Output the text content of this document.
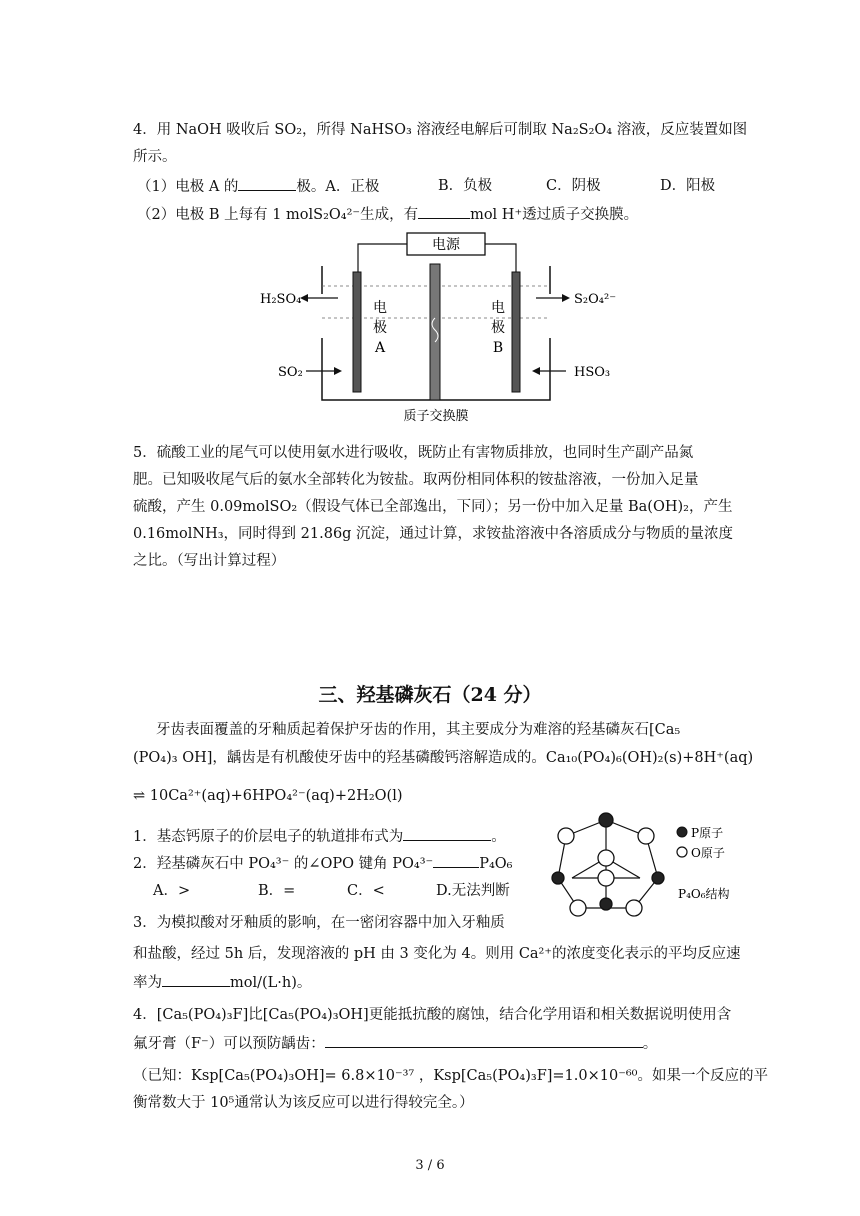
4．用 NaOH 吸收后 SO₂，所得 NaHSO₃ 溶液经电解后可制取 Na₂S₂O₄ 溶液，反应装置如图
所示。
（1）电极 A 的	极。A．正极	B．负极	C．阴极	D．阳极
（2）电极 B 上每有 1 molS₂O₄²⁻生成，有	mol H⁺透过质子交换膜。
电源
电
极
A
电
极
B
H₂SO₄
SO₂
S₂O₄²⁻
HSO₃
质子交换膜
5．硫酸工业的尾气可以使用氨水进行吸收，既防止有害物质排放，也同时生产副产品氮
肥。已知吸收尾气后的氨水全部转化为铵盐。取两份相同体积的铵盐溶液，一份加入足量
硫酸，产生 0.09molSO₂（假设气体已全部逸出，下同）；另一份中加入足量 Ba(OH)₂，产生
0.16molNH₃，同时得到 21.86g 沉淀，通过计算，求铵盐溶液中各溶质成分与物质的量浓度
之比。（写出计算过程）
三、羟基磷灰石（24 分）
牙齿表面覆盖的牙釉质起着保护牙齿的作用，其主要成分为难溶的羟基磷灰石[Ca₅
(PO₄)₃ OH]，龋齿是有机酸使牙齿中的羟基磷酸钙溶解造成的。Ca₁₀(PO₄)₆(OH)₂(s)+8H⁺(aq)
⇌ 10Ca²⁺(aq)+6HPO₄²⁻(aq)+2H₂O(l)
1．基态钙原子的价层电子的轨道排布式为	。
2．羟基磷灰石中 PO₄³⁻ 的∠OPO 键角 PO₄³⁻	P₄O₆
A．>	B．=	C．<	D.无法判断
3．为模拟酸对牙釉质的影响，在一密闭容器中加入牙釉质
和盐酸，经过 5h 后，发现溶液的 pH 由 3 变化为 4。则用 Ca²⁺的浓度变化表示的平均反应速
率为	mol/(L·h)。
4．[Ca₅(PO₄)₃F]比[Ca₅(PO₄)₃OH]更能抵抗酸的腐蚀，结合化学用语和相关数据说明使用含
氟牙膏（F⁻）可以预防龋齿：	。
（已知：Ksp[Ca₅(PO₄)₃OH]= 6.8×10⁻³⁷ ，Ksp[Ca₅(PO₄)₃F]=1.0×10⁻⁶⁰。如果一个反应的平
衡常数大于 10⁵通常认为该反应可以进行得较完全。）
P原子
O原子
P₄O₆结构
3 / 6
